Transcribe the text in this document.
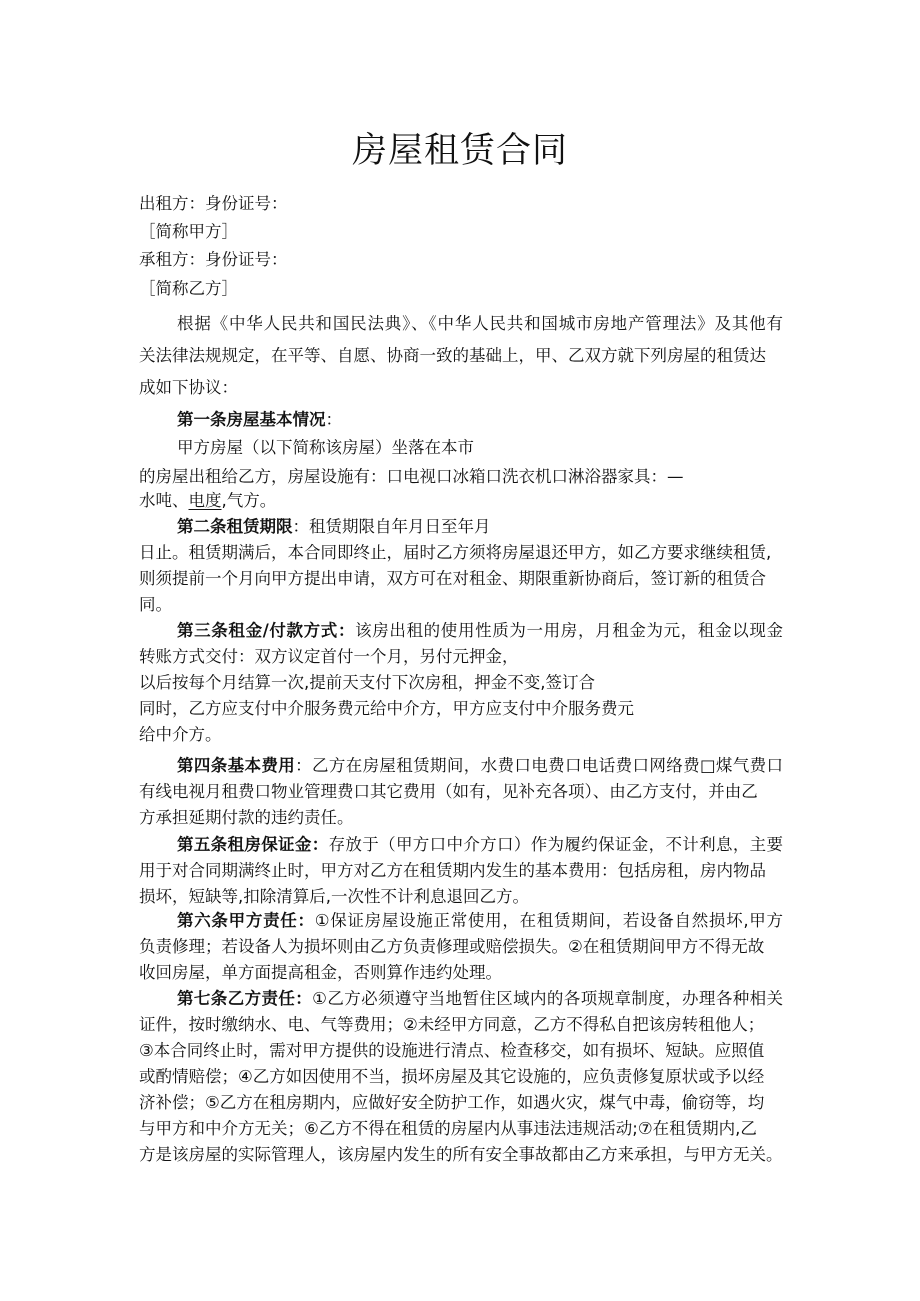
房屋租赁合同
出租方：身份证号：
［简称甲方］
承租方：身份证号：
［简称乙方］
根据《中华人民共和国民法典》、《中华人民共和国城市房地产管理法》及其他有
关法律法规规定，在平等、自愿、协商一致的基础上，甲、乙双方就下列房屋的租赁达
成如下协议：
第一条房屋基本情况：
甲方房屋（以下简称该房屋）坐落在本市
的房屋出租给乙方，房屋设施有：口电视口冰箱口洗衣机口淋浴器家具：—
水吨、电度,气方。
第二条租赁期限：租赁期限自年月日至年月
日止。租赁期满后，本合同即终止，届时乙方须将房屋退还甲方，如乙方要求继续租赁,
则须提前一个月向甲方提出申请，双方可在对租金、期限重新协商后，签订新的租赁合
同。
第三条租金/付款方式：该房出租的使用性质为一用房，月租金为元，租金以现金
转账方式交付：双方议定首付一个月，另付元押金，
以后按每个月结算一次,提前天支付下次房租，押金不变,签订合
同时，乙方应支付中介服务费元给中介方，甲方应支付中介服务费元
给中介方。
第四条基本费用：乙方在房屋租赁期间，水费口电费口电话费口网络费□煤气费口
有线电视月租费口物业管理费口其它费用（如有，见补充各项）、由乙方支付，并由乙
方承担延期付款的违约责任。
第五条租房保证金：存放于（甲方口中介方口）作为履约保证金，不计利息，主要
用于对合同期满终止时，甲方对乙方在租赁期内发生的基本费用：包括房租，房内物品
损坏，短缺等,扣除清算后,一次性不计利息退回乙方。
第六条甲方责任：①保证房屋设施正常使用，在租赁期间，若设备自然损坏,甲方
负责修理；若设备人为损坏则由乙方负责修理或赔偿损失。②在租赁期间甲方不得无故
收回房屋，单方面提高租金，否则算作违约处理。
第七条乙方责任：①乙方必须遵守当地暂住区域内的各项规章制度，办理各种相关
证件，按时缴纳水、电、气等费用；②未经甲方同意，乙方不得私自把该房转租他人；
③本合同终止时，需对甲方提供的设施进行清点、检查移交，如有损坏、短缺。应照值
或酌情赔偿；④乙方如因使用不当，损坏房屋及其它设施的，应负责修复原状或予以经
济补偿；⑤乙方在租房期内，应做好安全防护工作，如遇火灾，煤气中毒，偷窃等，均
与甲方和中介方无关；⑥乙方不得在租赁的房屋内从事违法违规活动;⑦在租赁期内,乙
方是该房屋的实际管理人，该房屋内发生的所有安全事故都由乙方来承担，与甲方无关。
